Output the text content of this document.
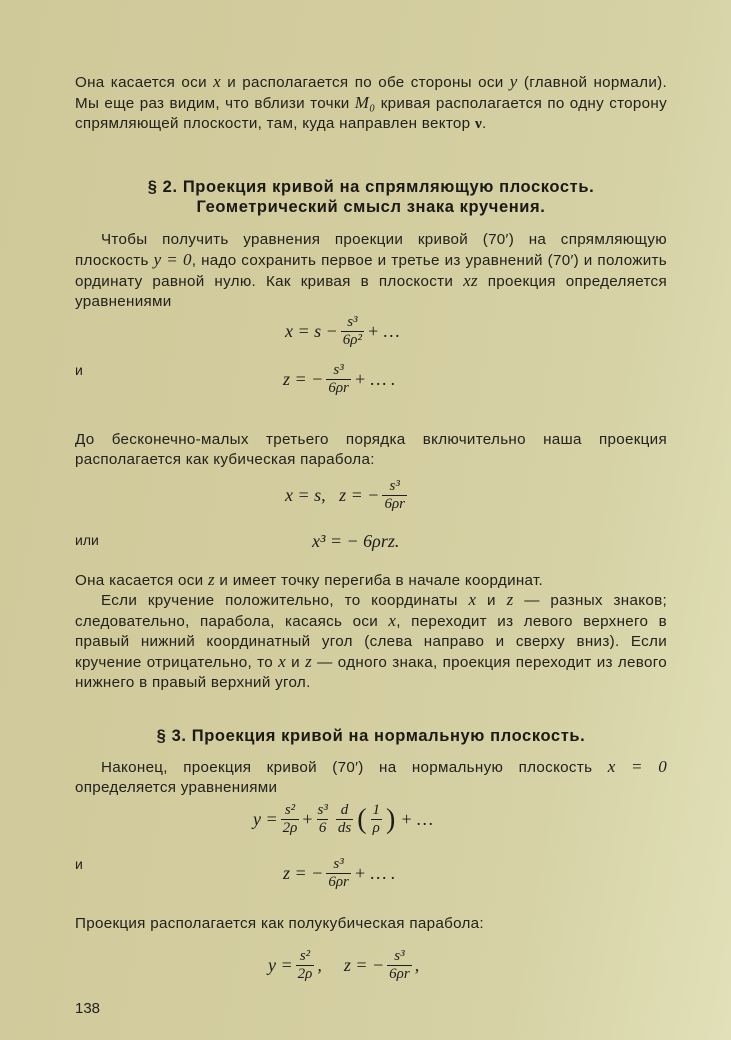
Она касается оси x и располагается по обе стороны оси y (главной нормали). Мы еще раз видим, что вблизи точки M₀ кривая располагается по одну сторону спрямляющей плоскости, там, куда направлен вектор ν.
§ 2. Проекция кривой на спрямляющую плоскость.
Геометрический смысл знака кручения.
Чтобы получить уравнения проекции кривой (70′) на спрямляющую плоскость y = 0, надо сохранить первое и третье из уравнений (70′) и положить ординату равной нулю. Как кривая в плоскости xz проекция определяется уравнениями
$x = s - \frac{\text{s³}}{\text{6ρ²}}$ + …
и	z = − $\frac{\text{s³}}{6\rho r}$ + … .
До бесконечно-малых третьего порядка включительно наша проекция располагается как кубическая парабола:
x = s,   z = − $\frac{\text{s³}}{6\rho r}$
или	x³ = − 6ρrz.
Она касается оси z и имеет точку перегиба в начале координат.
Если кручение положительно, то координаты x и z — разных знаков; следовательно, парабола, касаясь оси x, переходит из левого верхнего в правый нижний координатный угол (слева направо и сверху вниз). Если кручение отрицательно, то x и z — одного знака, проекция переходит из левого нижнего в правый верхний угол.
§ 3. Проекция кривой на нормальную плоскость.
Наконец, проекция кривой (70′) на нормальную плоскость x = 0 определяется уравнениями
$y = \frac{\text{s²}}{2\rho} + \frac{\text{s³}}{6} \frac{d}{ds}$ ( $\frac{1}{\rho}$ ) + …
и	z = − $\frac{\text{s³}}{6\rho r}$ + … .
Проекция располагается как полукубическая парабола:
$y = \frac{\text{s²}}{2\rho}$ , z = − $\frac{\text{s³}}{6\rho r}$ ,
138
